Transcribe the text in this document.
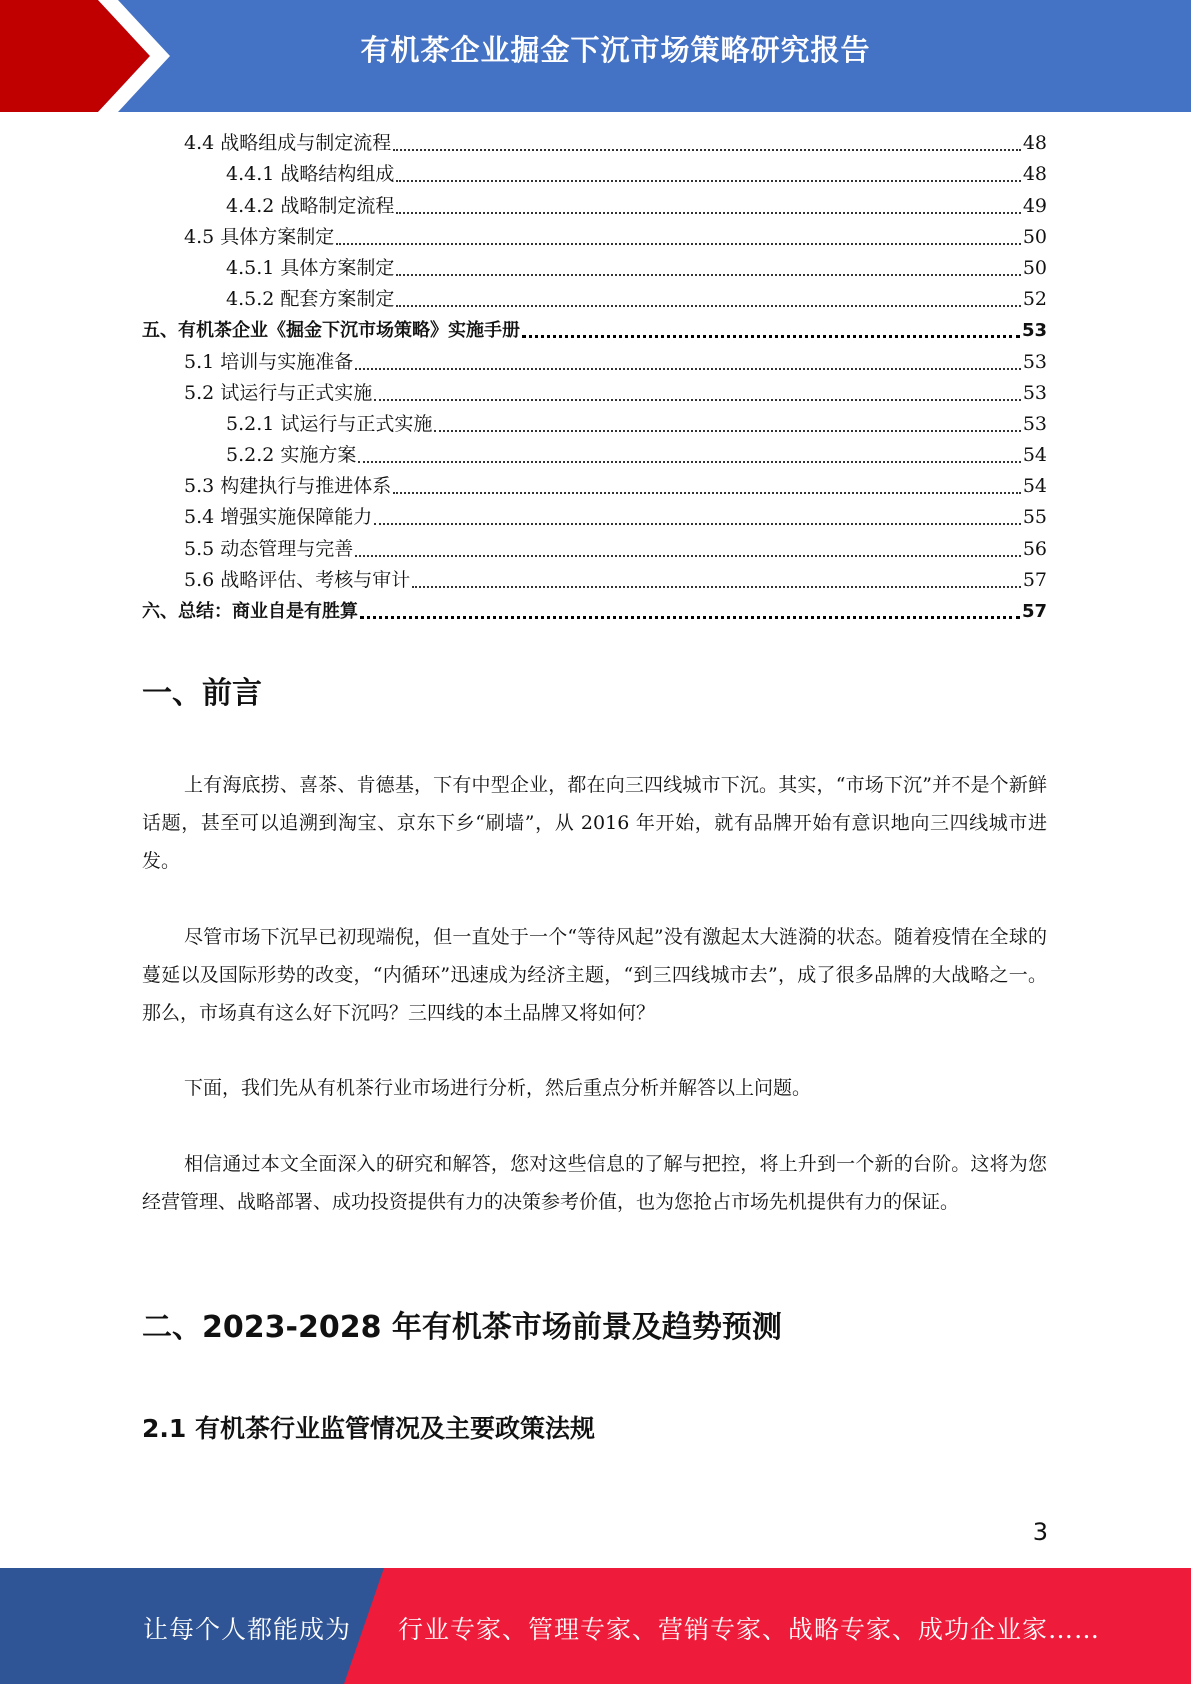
有机茶企业掘金下沉市场策略研究报告
4.4 战略组成与制定流程	48
4.4.1 战略结构组成	48
4.4.2 战略制定流程	49
4.5 具体方案制定	50
4.5.1 具体方案制定	50
4.5.2 配套方案制定	52
五、有机茶企业《掘金下沉市场策略》实施手册	53
5.1 培训与实施准备	53
5.2 试运行与正式实施	53
5.2.1 试运行与正式实施	53
5.2.2 实施方案	54
5.3 构建执行与推进体系	54
5.4 增强实施保障能力	55
5.5 动态管理与完善	56
5.6 战略评估、考核与审计	57
六、总结：商业自是有胜算	57
一、前言

上有海底捞、喜茶、肯德基，下有中型企业，都在向三四线城市下沉。其实，“市场下沉”并不是个新鲜话题，甚至可以追溯到淘宝、京东下乡“刷墙”，从 2016 年开始，就有品牌开始有意识地向三四线城市进发。

尽管市场下沉早已初现端倪，但一直处于一个“等待风起”没有激起太大涟漪的状态。随着疫情在全球的蔓延以及国际形势的改变，“内循环”迅速成为经济主题，“到三四线城市去”，成了很多品牌的大战略之一。那么，市场真有这么好下沉吗？三四线的本土品牌又将如何？

下面，我们先从有机茶行业市场进行分析，然后重点分析并解答以上问题。

相信通过本文全面深入的研究和解答，您对这些信息的了解与把控，将上升到一个新的台阶。这将为您经营管理、战略部署、成功投资提供有力的决策参考价值，也为您抢占市场先机提供有力的保证。

二、2023-2028 年有机茶市场前景及趋势预测
2.1 有机茶行业监管情况及主要政策法规
3
让每个人都能成为 行业专家、管理专家、营销专家、战略专家、成功企业家……
